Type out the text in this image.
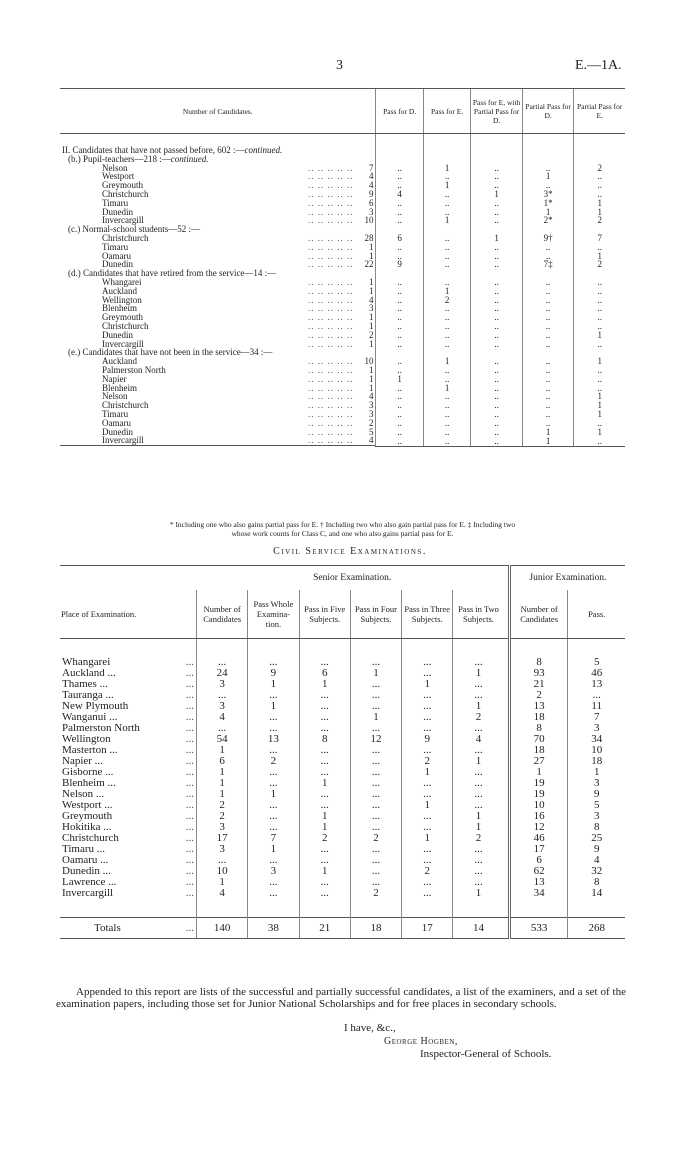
3	E.—1A.
Number of Candidates.	Pass for D.	Pass for E.	Pass for E, with Partial Pass for D.	Partial Pass for D.	Partial Pass for E.

II. Candidates that have not passed before, 602 :—continued.					
(b.) Pupil-teachers—218 :—continued.					

Nelson	.. .. .. .. ..	7	..	1	..	..	2

Westport	.. .. .. .. ..	4	..	..	..	1	..

Greymouth	.. .. .. .. ..	4	..	1	..	..	..

Christchurch	.. .. .. .. ..	9	4	..	1	3*	..

Timaru	.. .. .. .. ..	6	..	..	..	1*	1

Dunedin	.. .. .. .. ..	3	..	..	..	1	1

Invercargill	.. .. .. .. ..	10	..	1	..	2*	2
(c.) Normal-school students—52 :—					

Christchurch	.. .. .. .. ..	28	6	..	1	9†	7

Timaru	.. .. .. .. ..	1	..	..	..	..	..

Oamaru	.. .. .. .. ..	1	..	..	..	..	1

Dunedin	.. .. .. .. ..	22	9	..	..	7‡	2
(d.) Candidates that have retired from the service—14 :—					

Whangarei	.. .. .. .. ..	1	..	..	..	..	..

Auckland	.. .. .. .. ..	1	..	1	..	..	..

Wellington	.. .. .. .. ..	4	..	2	..	..	..

Blenheim	.. .. .. .. ..	3	..	..	..	..	..

Greymouth	.. .. .. .. ..	1	..	..	..	..	..

Christchurch	.. .. .. .. ..	1	..	..	..	..	..

Dunedin	.. .. .. .. ..	2	..	..	..	..	1

Invercargill	.. .. .. .. ..	1	..	..	..	..	..
(e.) Candidates that have not been in the service—34 :—					

Auckland	.. .. .. .. ..	10	..	1	..	..	1

Palmerston North	.. .. .. .. ..	1	..	..	..	..	..

Napier	.. .. .. .. ..	1	1	..	..	..	..

Blenheim	.. .. .. .. ..	1	..	1	..	..	..

Nelson	.. .. .. .. ..	4	..	..	..	..	1

Christchurch	.. .. .. .. ..	3	..	..	..	..	1

Timaru	.. .. .. .. ..	3	..	..	..	..	1

Oamaru	.. .. .. .. ..	2	..	..	..	..	..

Dunedin	.. .. .. .. ..	5	..	..	..	1	1

Invercargill	.. .. .. .. ..	4	..	..	..	1	..
* Including one who also gains partial pass for E. † Including two who also gain partial pass for E. ‡ Including two
whose work counts for Class C, and one who also gains partial pass for E.
Civil Service Examinations.
	Senior Examination.							Junior Examination.	
Place of Examination.	Number of Candidates	Pass Whole Examina- tion.	Pass in Five Subjects.	Pass in Four Subjects.	Pass in Three Subjects.	Pass in Two Subjects.		Number of Candidates	Pass.

Whangarei ...	...	...	...	...	...	...		8	5
Auckland ... ...	24	9	6	1	...	1		93	46
Thames ... ...	3	1	1	...	1	...		21	13
Tauranga ... ...	...	...	...	...	...	...		2	...
New Plymouth ...	3	1	...	...	...	1		13	11
Wanganui ... ...	4	...	...	1	...	2		18	7
Palmerston North ...	...	...	...	...	...	...		8	3
Wellington ...	54	13	8	12	9	4		70	34
Masterton ... ...	1	...	...	...	...	...		18	10
Napier ... ...	6	2	...	...	2	1		27	18
Gisborne ... ...	1	...	...	...	1	...		1	1
Blenheim ... ...	1	...	1	...	...	...		19	3
Nelson ... ...	1	1	...	...	...	...		19	9
Westport ... ...	2	...	...	...	1	...		10	5
Greymouth ...	2	...	1	...	...	1		16	3
Hokitika ... ...	3	...	1	...	...	1		12	8
Christchurch ...	17	7	2	2	1	2		46	25
Timaru ... ...	3	1	...	...	...	...		17	9
Oamaru ... ...	...	...	...	...	...	...		6	4
Dunedin ... ...	10	3	1	...	2	...		62	32
Lawrence ... ...	1	...	...	...	...	...		13	8
Invercargill ...	4	...	...	2	...	1		34	14

Totals ...	140	38	21	18	17	14		533	268
Appended to this report are lists of the successful and partially successful candidates, a list of the examiners, and a set of the examination papers, including those set for Junior National Scholarships and for free places in secondary schools.
I have, &c.,
George Hogben,
Inspector-General of Schools.
